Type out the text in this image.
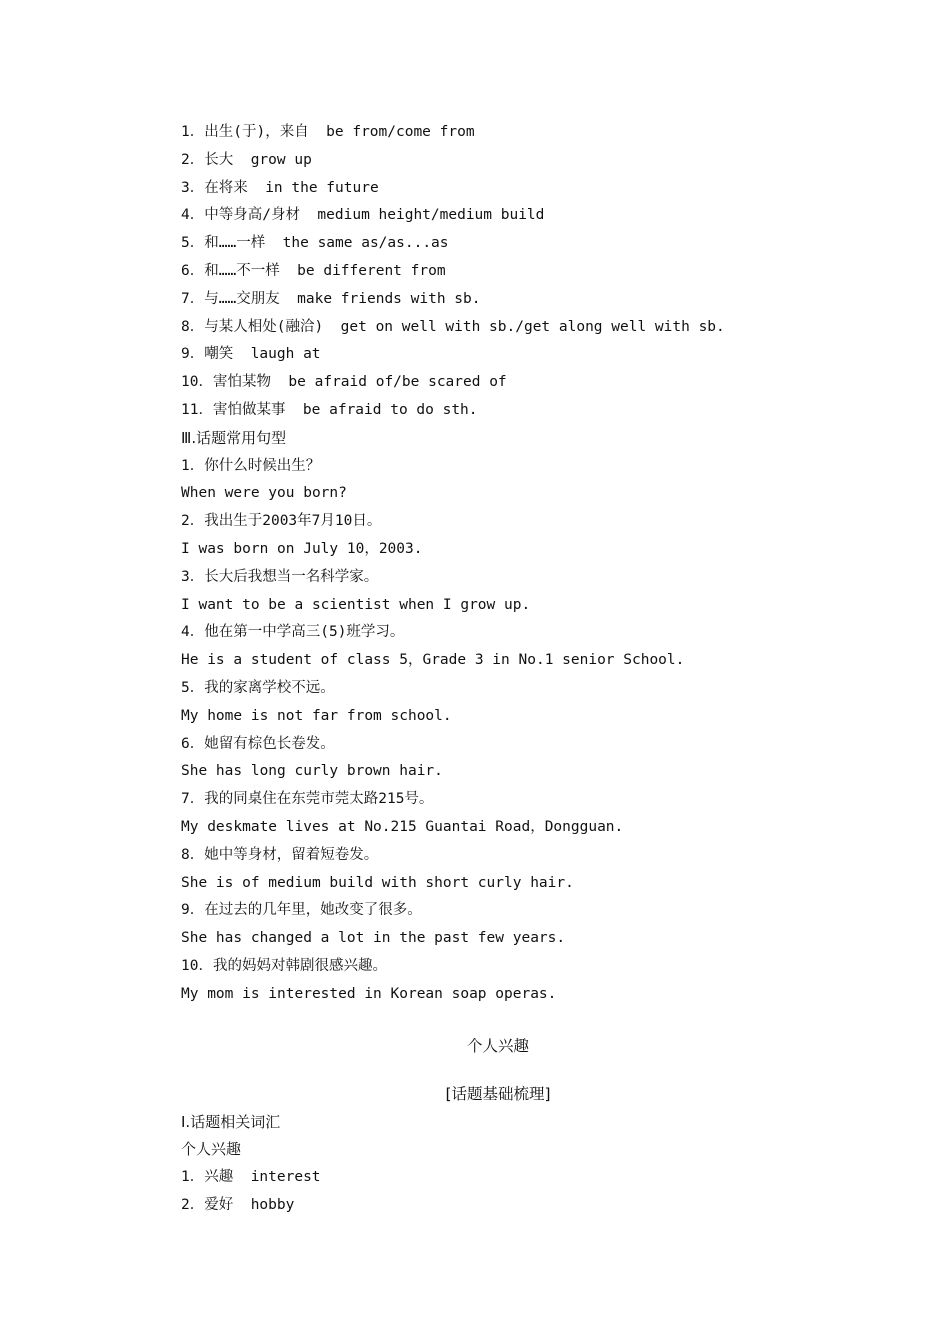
1．出生(于)，来自  be from/come from
2．长大  grow up
3．在将来  in the future
4．中等身高/身材  medium height/medium build
5．和……一样  the same as/as...as
6．和……不一样  be different from
7．与……交朋友  make friends with sb.
8．与某人相处(融洽)  get on well with sb./get along well with sb.
9．嘲笑  laugh at
10．害怕某物  be afraid of/be scared of
11．害怕做某事  be afraid to do sth.
Ⅲ.话题常用句型
1．你什么时候出生？
When were you born?
2．我出生于2003年7月10日。
I was born on July 10，2003.
3．长大后我想当一名科学家。
I want to be a scientist when I grow up.
4．他在第一中学高三(5)班学习。
He is a student of class 5，Grade 3 in No.1 senior School.
5．我的家离学校不远。
My home is not far from school.
6．她留有棕色长卷发。
She has long curly brown hair.
7．我的同桌住在东莞市莞太路215号。
My deskmate lives at No.215 Guantai Road，Dongguan.
8．她中等身材，留着短卷发。
She is of medium build with short curly hair.
9．在过去的几年里，她改变了很多。
She has changed a lot in the past few years.
10．我的妈妈对韩剧很感兴趣。
My mom is interested in Korean soap operas.
个人兴趣
[话题基础梳理]
Ⅰ.话题相关词汇
个人兴趣
1．兴趣  interest
2．爱好  hobby
